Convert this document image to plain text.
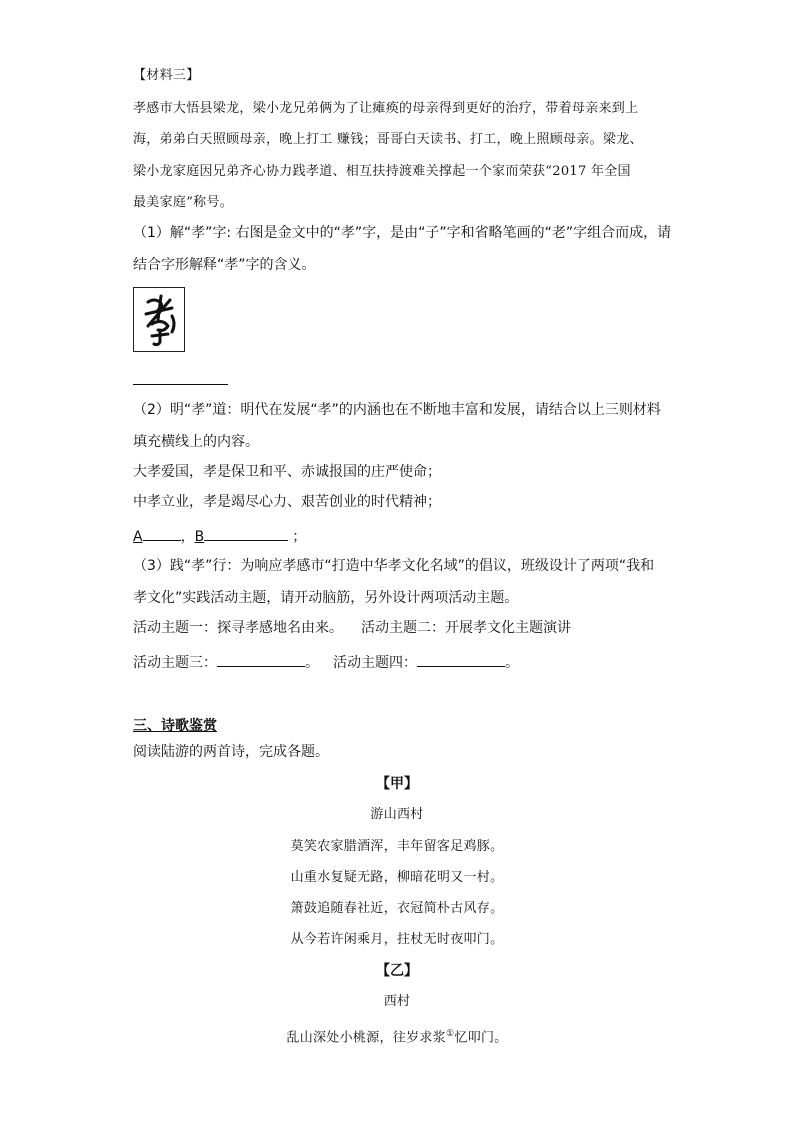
【材料三】
孝感市大悟县梁龙，梁小龙兄弟俩为了让瘫痪的母亲得到更好的治疗，带着母亲来到上
海，弟弟白天照顾母亲，晚上打工 赚钱；哥哥白天读书、打工，晚上照顾母亲。梁龙、
梁小龙家庭因兄弟齐心协力践孝道、相互扶持渡难关撑起一个家而荣获“2017 年全国
最美家庭”称号。
（1）解“孝”字: 右图是金文中的“孝”字，是由“子”字和省略笔画的“老”字组合而成，请
结合字形解释“孝”字的含义。
（2）明“孝”道：明代在发展“孝”的内涵也在不断地丰富和发展，请结合以上三则材料
填充横线上的内容。
大孝爱国，孝是保卫和平、赤诚报国的庄严使命；
中孝立业，孝是竭尽心力、艰苦创业的时代精神；
A	，B	；
（3）践“孝”行：为响应孝感市“打造中华孝文化名域”的倡议，班级设计了两项“我和
孝文化”实践活动主题，请开动脑筋，另外设计两项活动主题。
活动主题一：探寻孝感地名由来。 活动主题二：开展孝文化主题演讲
活动主题三：	。 活动主题四：	。
三、诗歌鉴赏
阅读陆游的两首诗，完成各题。
【甲】
游山西村
莫笑农家腊酒浑，丰年留客足鸡豚。
山重水复疑无路，柳暗花明又一村。
箫鼓追随春社近，衣冠简朴古风存。
从今若许闲乘月，拄杖无时夜叩门。
【乙】
西村
乱山深处小桃源，往岁求浆①忆叩门。
